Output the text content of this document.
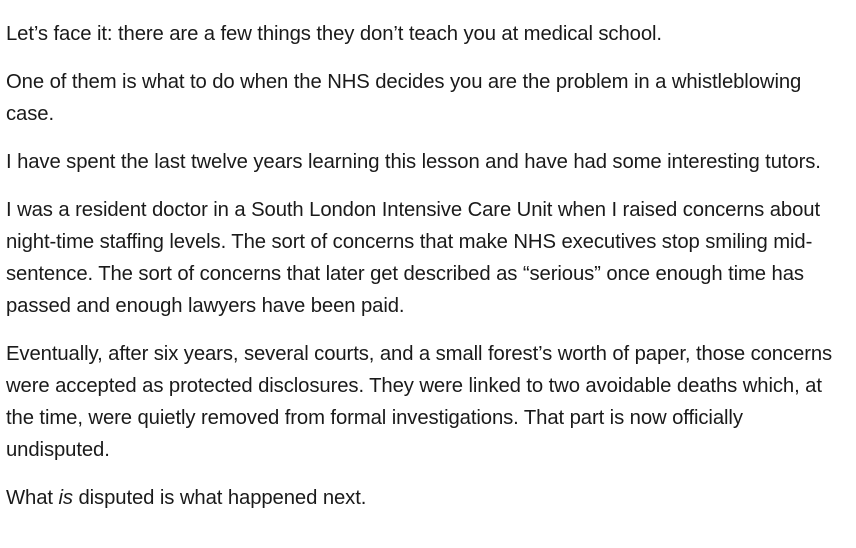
Let’s face it: there are a few things they don’t teach you at medical school.

One of them is what to do when the NHS decides you are the problem in a whistleblowing case.

I have spent the last twelve years learning this lesson and have had some interesting tutors.

I was a resident doctor in a South London Intensive Care Unit when I raised concerns about night-time staffing levels. The sort of concerns that make NHS executives stop smiling mid-sentence. The sort of concerns that later get described as “serious” once enough time has passed and enough lawyers have been paid.

Eventually, after six years, several courts, and a small forest’s worth of paper, those concerns were accepted as protected disclosures. They were linked to two avoidable deaths which, at the time, were quietly removed from formal investigations. That part is now officially undisputed.

What is disputed is what happened next.
